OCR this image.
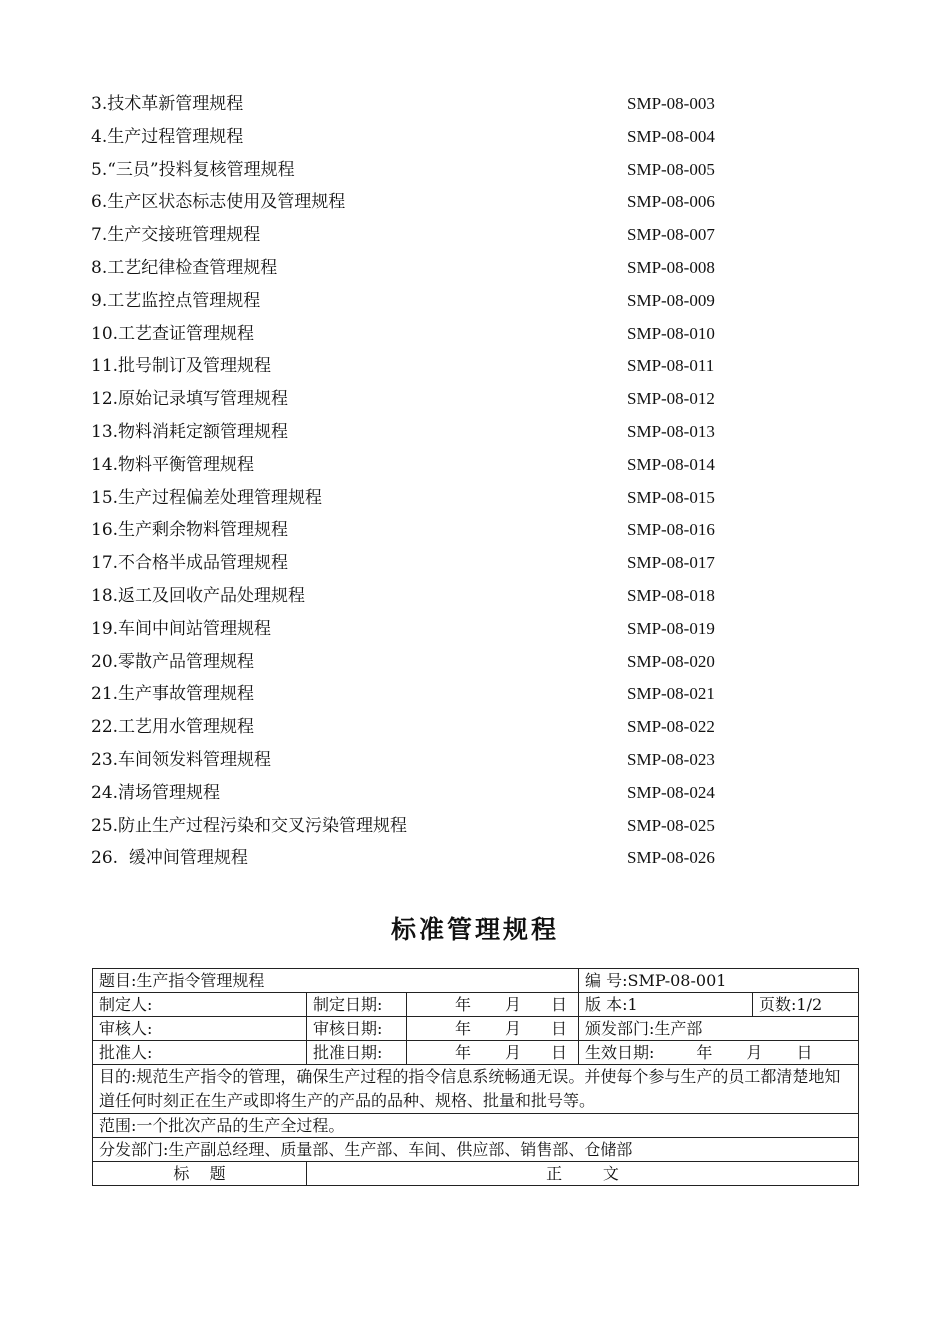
3.技术革新管理规程	SMP-08-003
4.生产过程管理规程	SMP-08-004
5.“三员”投料复核管理规程	SMP-08-005
6.生产区状态标志使用及管理规程	SMP-08-006
7.生产交接班管理规程	SMP-08-007
8.工艺纪律检查管理规程	SMP-08-008
9.工艺监控点管理规程	SMP-08-009
10.工艺查证管理规程	SMP-08-010
11.批号制订及管理规程	SMP-08-011
12.原始记录填写管理规程	SMP-08-012
13.物料消耗定额管理规程	SMP-08-013
14.物料平衡管理规程	SMP-08-014
15.生产过程偏差处理管理规程	SMP-08-015
16.生产剩余物料管理规程	SMP-08-016
17.不合格半成品管理规程	SMP-08-017
18.返工及回收产品处理规程	SMP-08-018
19.车间中间站管理规程	SMP-08-019
20.零散产品管理规程	SMP-08-020
21.生产事故管理规程	SMP-08-021
22.工艺用水管理规程	SMP-08-022
23.车间领发料管理规程	SMP-08-023
24.清场管理规程	SMP-08-024
25.防止生产过程污染和交叉污染管理规程	SMP-08-025
26.  缓冲间管理规程	SMP-08-026
标准管理规程
题目:生产指令管理规程			编 号:SMP-08-001	
制定人:	制定日期:	年 月 日	版 本:1	页数:1/2
审核人:	审核日期:	年 月 日	颁发部门:生产部	
批准人:	批准日期:	年 月 日	生效日期: 年 月 日	
目的:规范生产指令的管理，确保生产过程的指令信息系统畅通无误。并使每个参与生产的员工都清楚地知道任何时刻正在生产或即将生产的产品的品种、规格、批量和批号等。				
范围:一个批次产品的生产全过程。				
分发部门:生产副总经理、质量部、生产部、车间、供应部、销售部、仓储部				
标    题	正        文			
